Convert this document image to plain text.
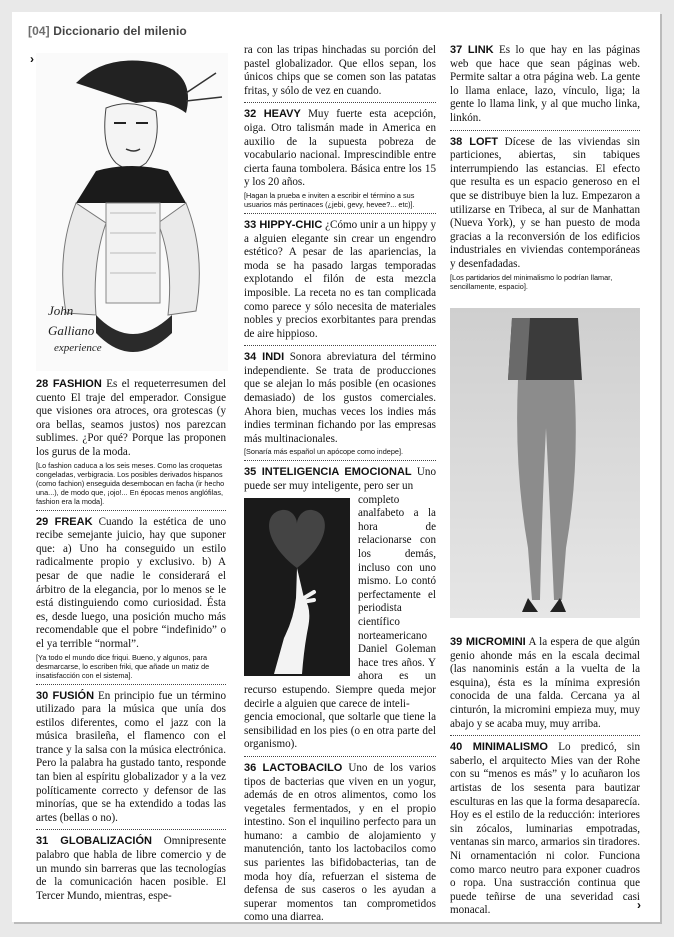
[04] Diccionario del milenio
›
›
John
Galliano
experience

28 FASHION Es el requeterresumen del cuento El traje del emperador. Consigue que visiones ora atroces, ora grotescas (y ora bellas, seamos justos) nos parezcan sublimes. ¿Por qué? Porque las proponen los gurus de la moda.

[Lo fashion caduca a los seis meses. Como las croquetas congeladas, verbigracia. Los posibles derivados hispanos (como fachion) enseguida desembocan en facha (ir hecho una...), de modo que, ¡ojo!... En épocas menos anglófilas, fashion era la moda].

29 FREAK Cuando la estética de uno recibe semejante juicio, hay que suponer que: a) Uno ha conseguido un estilo radicalmente propio y exclusivo. b) A pesar de que nadie le considerará el árbitro de la elegancia, por lo menos se le está distinguiendo como curiosidad. Ésta es, desde luego, una posición mucho más recomendable que el pobre “indefinido” o el ya terrible “normal”.

[Ya todo el mundo dice friqui. Bueno, y algunos, para desmarcarse, lo escriben friki, que añade un matiz de insatisfacción con el sistema].

30 FUSIÓN En principio fue un término utilizado para la música que unía dos estilos diferentes, como el jazz con la música brasileña, el flamenco con el trance y la salsa con la música electrónica. Pero la palabra ha gustado tanto, responde tan bien al espíritu globalizador y a la vez políticamente correcto y defensor de las minorías, que se ha extendido a todas las artes (bellas o no).

31 GLOBALIZACIÓN Omnipresente palabro que habla de libre comercio y de un mundo sin barreras que las tecnologías de la comunicación hacen posible. El Tercer Mundo, mientras, espe-

ra con las tripas hinchadas su porción del pastel globalizador. Que ellos sepan, los únicos chips que se comen son las patatas fritas, y sólo de vez en cuando.

32 HEAVY Muy fuerte esta acepción, oiga. Otro talismán made in America en auxilio de la supuesta pobreza de vocabulario nacional. Imprescindible entre cierta fauna tombolera. Básica entre los 15 y los 20 años.

[Hagan la prueba e inviten a escribir el término a sus usuarios más pertinaces (¿jebi, gevy, hevee?... etc)].

33 HIPPY-CHIC ¿Cómo unir a un hippy y a alguien elegante sin crear un engendro estético? A pesar de las apariencias, la moda se ha pasado largas temporadas explotando el filón de esta mezcla imposible. La receta no es tan complicada como parece y sólo necesita de materiales nobles y precios exorbitantes para prendas de aire hippioso.

34 INDI Sonora abreviatura del término independiente. Se trata de producciones que se alejan lo más posible (en ocasiones demasiado) de los gustos comerciales. Ahora bien, muchas veces los indies más indies terminan fichando por las empresas más multinacionales.

[Sonaría más español un apócope como indepe].

35 INTELIGENCIA EMOCIONAL Uno puede ser muy inteligente, pero ser un

completo analfabeto a la hora de relacionarse con los demás, incluso con uno mismo. Lo contó perfectamente el periodista científico norteamericano Daniel Goleman hace tres años. Y ahora es un recurso estupendo. Siempre queda mejor decirle a alguien que carece de inteli-

gencia emocional, que soltarle que tiene la sensibilidad en los pies (o en otra parte del organismo).

36 LACTOBACILO Uno de los varios tipos de bacterias que viven en un yogur, además de en otros alimentos, como los vegetales fermentados, y en el propio intestino. Son el inquilino perfecto para un humano: a cambio de alojamiento y manutención, tanto los lactobacilos como sus parientes las bifidobacterias, tan de moda hoy día, refuerzan el sistema de defensa de sus caseros o les ayudan a superar momentos tan comprometidos como una diarrea.

37 LINK Es lo que hay en las páginas web que hace que sean páginas web. Permite saltar a otra página web. La gente lo llama enlace, lazo, vínculo, liga; la gente lo llama link, y al que mucho linka, linkón.

38 LOFT Dícese de las viviendas sin particiones, abiertas, sin tabiques interrumpiendo las estancias. El efecto que resulta es un espacio generoso en el que se distribuye bien la luz. Empezaron a utilizarse en Tribeca, al sur de Manhattan (Nueva York), y se han puesto de moda gracias a la reconversión de los edificios industriales en viviendas contemporáneas y desenfadadas.

[Los partidarios del minimalismo lo podrían llamar, sencillamente, espacio].

39 MICROMINI A la espera de que algún genio ahonde más en la escala decimal (las nanominis están a la vuelta de la esquina), ésta es la mínima expresión conocida de una falda. Cercana ya al cinturón, la micromini empieza muy, muy abajo y se acaba muy, muy arriba.

40 MINIMALISMO Lo predicó, sin saberlo, el arquitecto Mies van der Rohe con su “menos es más” y lo acuñaron los artistas de los sesenta para bautizar esculturas en las que la forma desaparecía. Hoy es el estilo de la reducción: interiores sin zócalos, luminarias empotradas, ventanas sin marco, armarios sin tiradores. Ni ornamentación ni color. Funciona como marco neutro para exponer cuadros o ropa. Una sustracción continua que puede teñirse de una severidad casi monacal.
